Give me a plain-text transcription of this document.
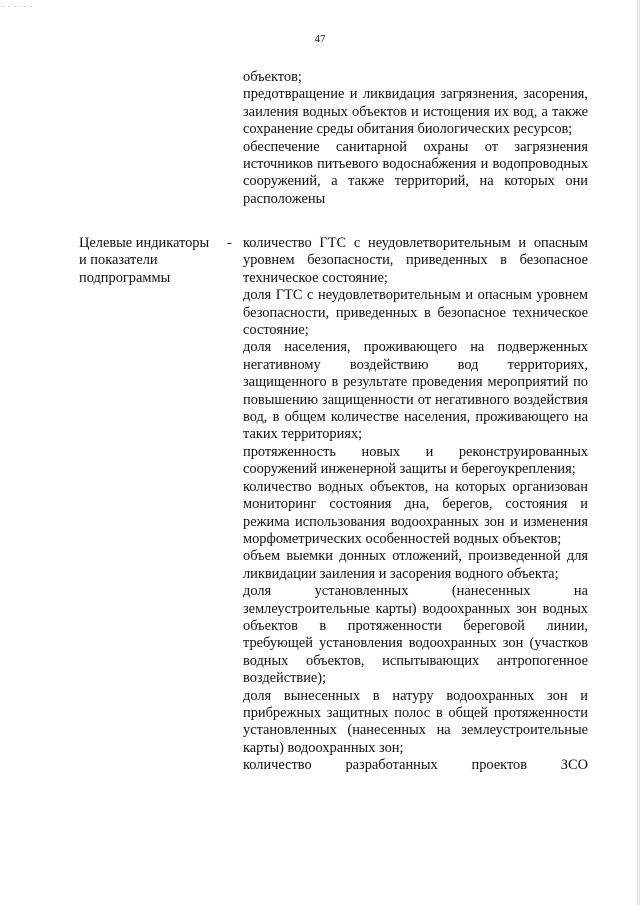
- - -- - -
47

объектов;

предотвращение и ликвидация загрязнения, засорения, заиления водных объектов и истощения их вод, а также сохранение среды обитания биологических ресурсов;

обеспечение санитарной охраны от загрязнения источников питьевого водоснабжения и водопроводных сооружений, а также территорий, на которых они расположены

Целевые индикаторы
и показатели
подпрограммы
- количество ГТС с неудовлетворительным и опасным уровнем безопасности, приведенных в безопасное техническое состояние;

доля ГТС с неудовлетворительным и опасным уровнем безопасности, приведенных в безопасное техническое состояние;

доля населения, проживающего на подверженных негативному воздействию вод территориях, защищенного в результате проведения мероприятий по повышению защищенности от негативного воздействия вод, в общем количестве населения, проживающего на таких территориях;

протяженность новых и реконструированных сооружений инженерной защиты и берегоукрепления;

количество водных объектов, на которых организован мониторинг состояния дна, берегов, состояния и режима использования водоохранных зон и изменения морфометрических особенностей водных объектов;

объем выемки донных отложений, произведенной для ликвидации заиления и засорения водного объекта;

доля установленных (нанесенных на землеустроительные карты) водоохранных зон водных объектов в протяженности береговой линии, требующей установления водоохранных зон (участков водных объектов, испытывающих антропогенное воздействие);

доля вынесенных в натуру водоохранных зон и прибрежных защитных полос в общей протяженности установленных (нанесенных на землеустроительные карты) водоохранных зон;

количество разработанных проектов ЗСО
